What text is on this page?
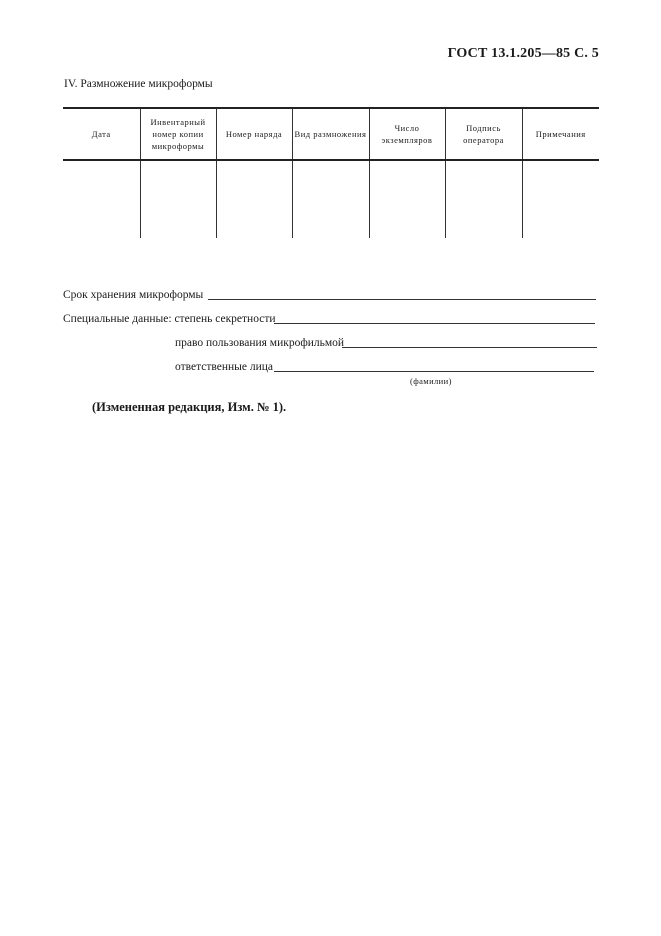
ГОСТ 13.1.205—85 С. 5
IV. Размножение микроформы
Дата	Инвентарный номер копии микроформы	Номер наряда	Вид размножения	Число экземпляров	Подпись оператора	Примечания

Срок хранения микроформы
Специальные данные: степень секретности
право пользования микрофильмой
ответственные лица
(фамилии)
(Измененная редакция, Изм. № 1).
